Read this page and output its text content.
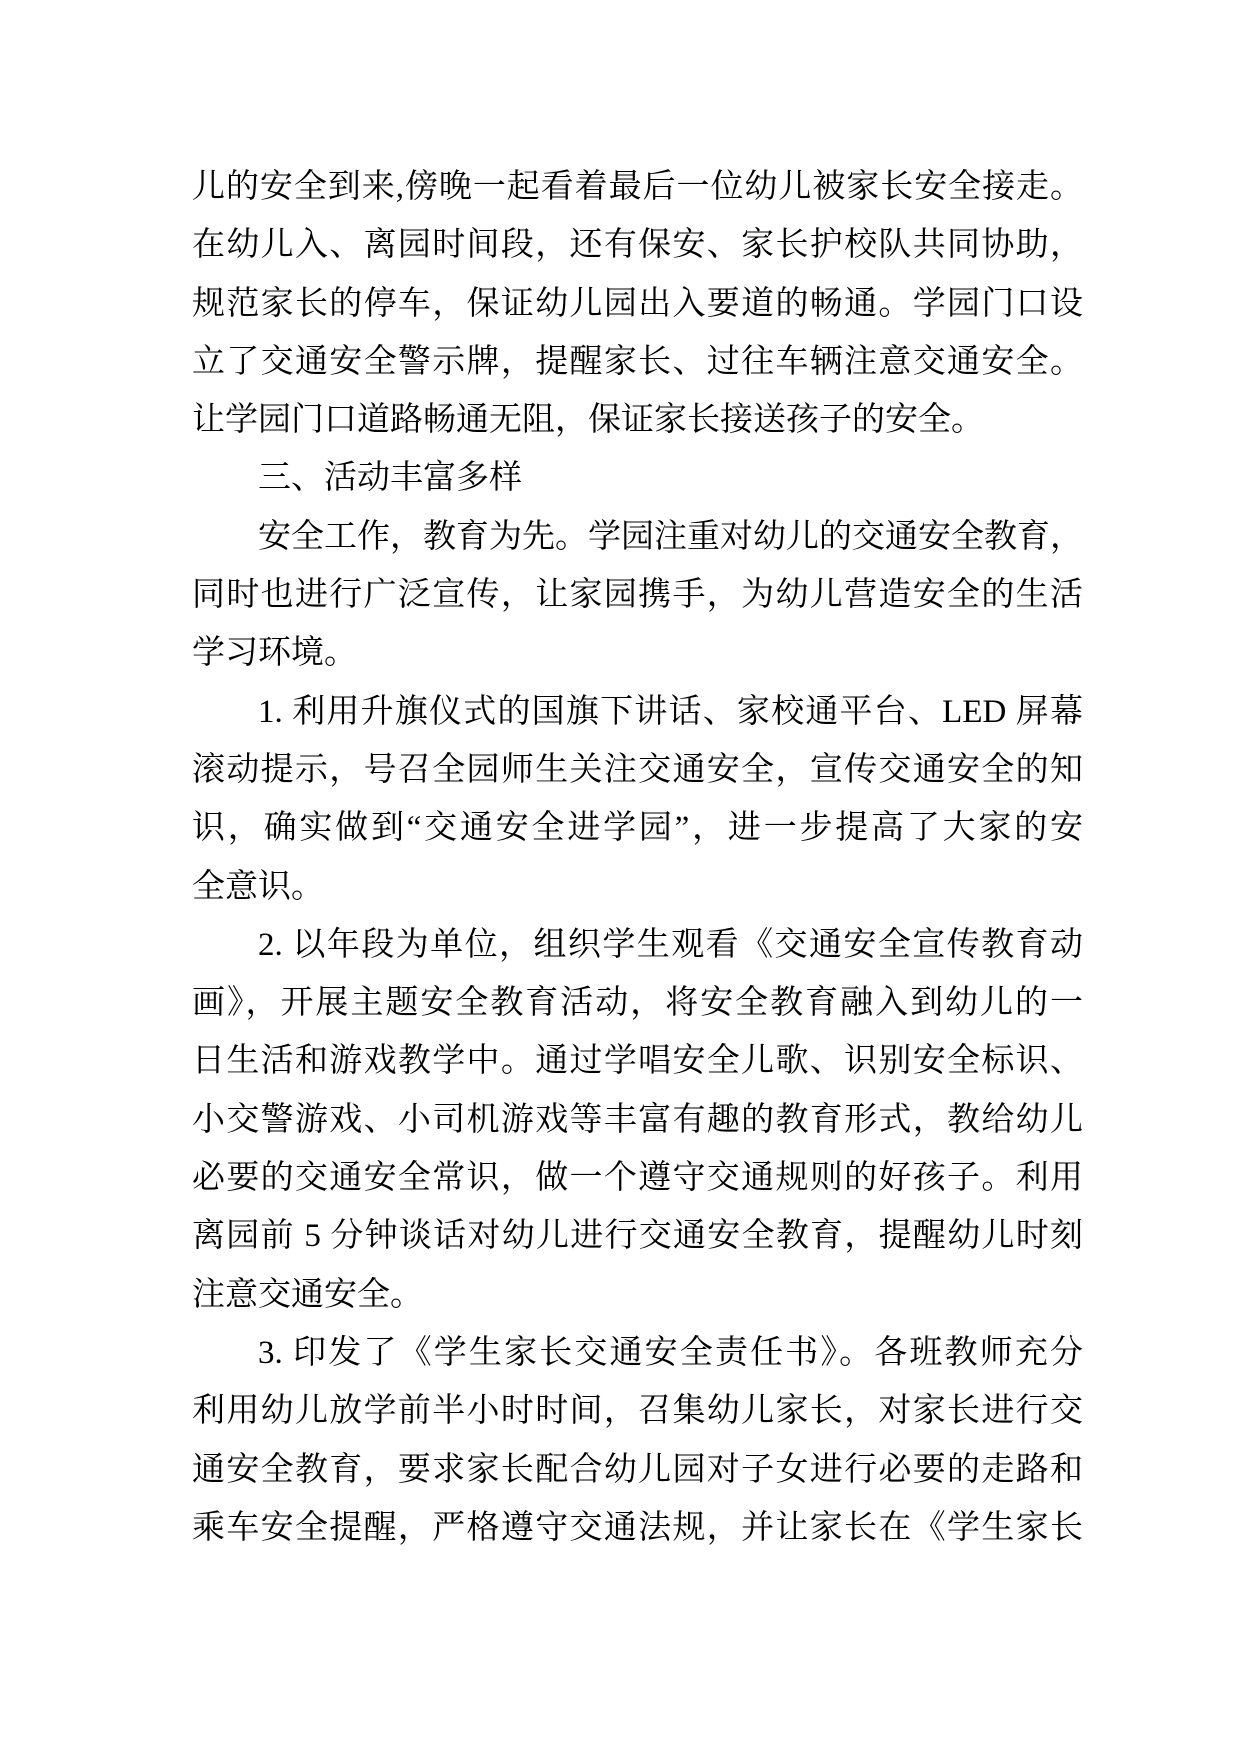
儿的安全到来,傍晚一起看着最后一位幼儿被家长安全接走。
在幼儿入、离园时间段，还有保安、家长护校队共同协助，
规范家长的停车，保证幼儿园出入要道的畅通。学园门口设
立了交通安全警示牌，提醒家长、过往车辆注意交通安全。
让学园门口道路畅通无阻，保证家长接送孩子的安全。
三、活动丰富多样
安全工作，教育为先。学园注重对幼儿的交通安全教育，
同时也进行广泛宣传，让家园携手，为幼儿营造安全的生活
学习环境。
1. 利用升旗仪式的国旗下讲话、家校通平台、LED 屏幕
滚动提示，号召全园师生关注交通安全，宣传交通安全的知
识，确实做到“交通安全进学园”，进一步提高了大家的安
全意识。
2. 以年段为单位，组织学生观看《交通安全宣传教育动
画》，开展主题安全教育活动，将安全教育融入到幼儿的一
日生活和游戏教学中。通过学唱安全儿歌、识别安全标识、
小交警游戏、小司机游戏等丰富有趣的教育形式，教给幼儿
必要的交通安全常识，做一个遵守交通规则的好孩子。利用
离园前 5 分钟谈话对幼儿进行交通安全教育，提醒幼儿时刻
注意交通安全。
3. 印发了《学生家长交通安全责任书》。各班教师充分
利用幼儿放学前半小时时间，召集幼儿家长，对家长进行交
通安全教育，要求家长配合幼儿园对子女进行必要的走路和
乘车安全提醒，严格遵守交通法规，并让家长在《学生家长
